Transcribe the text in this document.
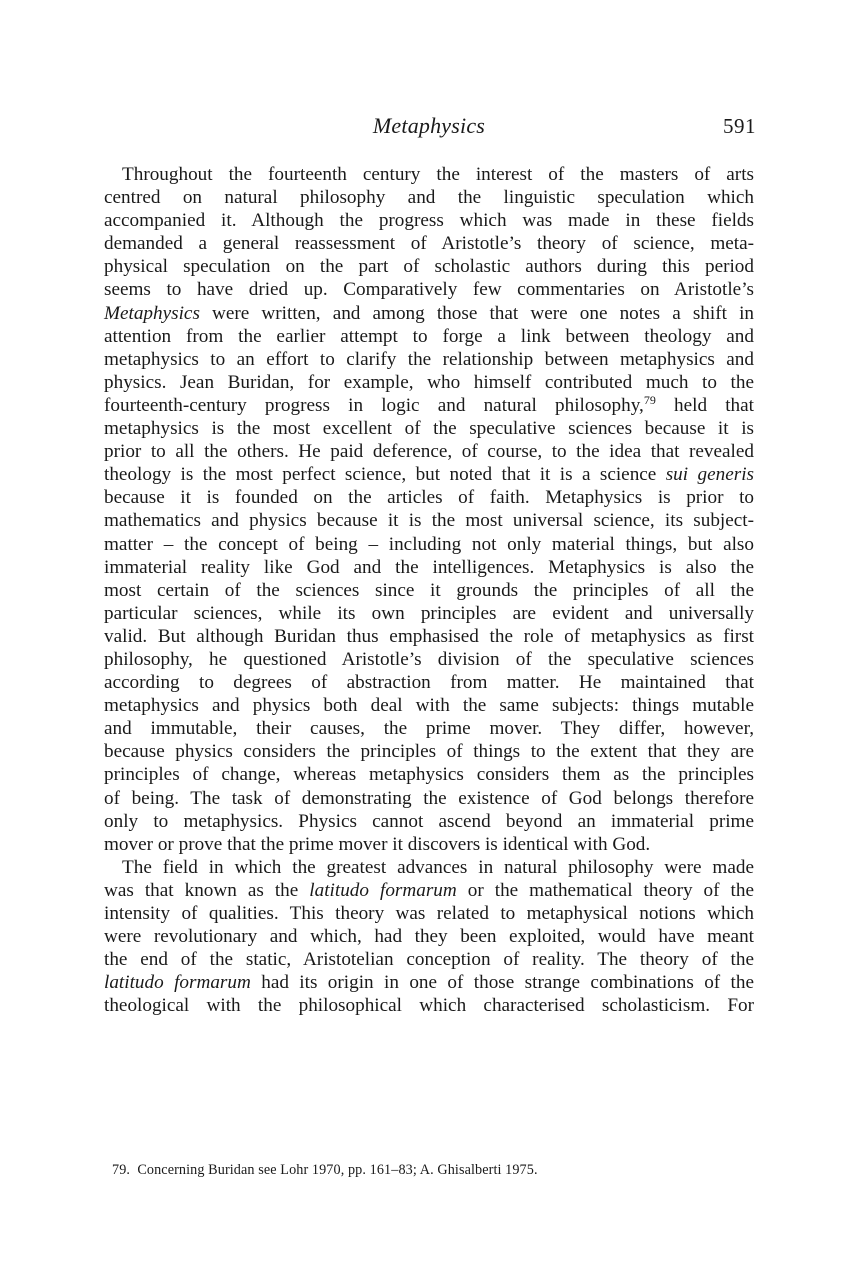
Metaphysics	591
Throughout the fourteenth century the interest of the masters of arts
centred on natural philosophy and the linguistic speculation which
accompanied it. Although the progress which was made in these fields
demanded a general reassessment of Aristotle’s theory of science, meta-
physical speculation on the part of scholastic authors during this period
seems to have dried up. Comparatively few commentaries on Aristotle’s
Metaphysics were written, and among those that were one notes a shift in
attention from the earlier attempt to forge a link between theology and
metaphysics to an effort to clarify the relationship between metaphysics and
physics. Jean Buridan, for example, who himself contributed much to the
fourteenth-century progress in logic and natural philosophy,$^{79}$ held that
metaphysics is the most excellent of the speculative sciences because it is
prior to all the others. He paid deference, of course, to the idea that revealed
theology is the most perfect science, but noted that it is a science sui generis
because it is founded on the articles of faith. Metaphysics is prior to
mathematics and physics because it is the most universal science, its subject-
matter – the concept of being – including not only material things, but also
immaterial reality like God and the intelligences. Metaphysics is also the
most certain of the sciences since it grounds the principles of all the
particular sciences, while its own principles are evident and universally
valid. But although Buridan thus emphasised the role of metaphysics as first
philosophy, he questioned Aristotle’s division of the speculative sciences
according to degrees of abstraction from matter. He maintained that
metaphysics and physics both deal with the same subjects: things mutable
and immutable, their causes, the prime mover. They differ, however,
because physics considers the principles of things to the extent that they are
principles of change, whereas metaphysics considers them as the principles
of being. The task of demonstrating the existence of God belongs therefore
only to metaphysics. Physics cannot ascend beyond an immaterial prime
mover or prove that the prime mover it discovers is identical with God.
The field in which the greatest advances in natural philosophy were made
was that known as the latitudo formarum or the mathematical theory of the
intensity of qualities. This theory was related to metaphysical notions which
were revolutionary and which, had they been exploited, would have meant
the end of the static, Aristotelian conception of reality. The theory of the
latitudo formarum had its origin in one of those strange combinations of the
theological with the philosophical which characterised scholasticism. For
79. Concerning Buridan see Lohr 1970, pp. 161–83; A. Ghisalberti 1975.
